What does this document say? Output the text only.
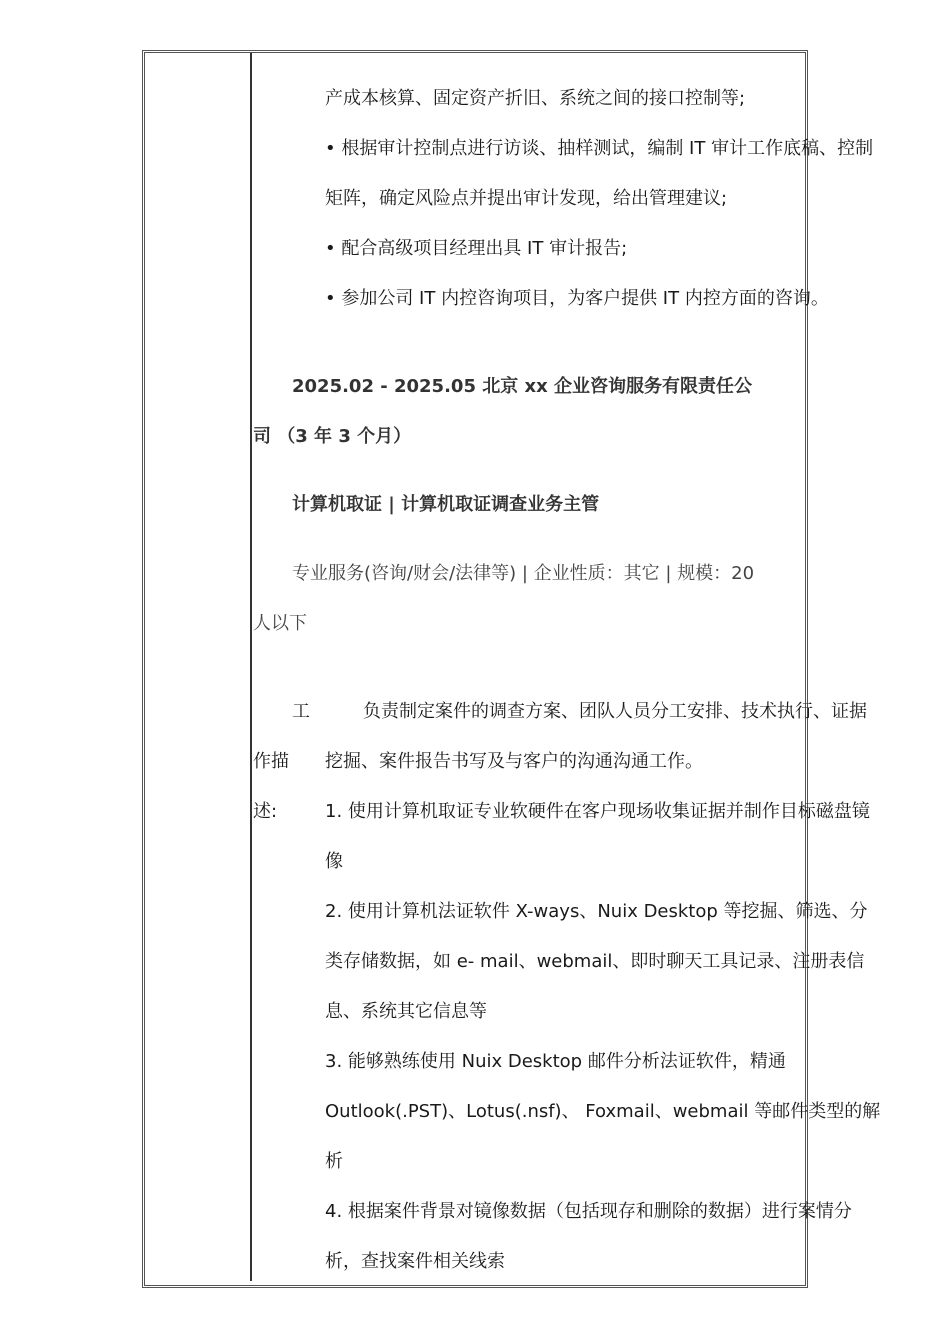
产成本核算、固定资产折旧、系统之间的接口控制等;
• 根据审计控制点进行访谈、抽样测试，编制 IT 审计工作底稿、控制
矩阵，确定风险点并提出审计发现，给出管理建议;
• 配合高级项目经理出具 IT 审计报告;
• 参加公司 IT 内控咨询项目，为客户提供 IT 内控方面的咨询。
2025.02 - 2025.05 北京 xx 企业咨询服务有限责任公
司 （3 年 3 个月）
计算机取证 | 计算机取证调查业务主管
专业服务(咨询/财会/法律等) | 企业性质：其它 | 规模：20
人以下
工
作描
述:
负责制定案件的调查方案、团队人员分工安排、技术执行、证据
挖掘、案件报告书写及与客户的沟通沟通工作。
1. 使用计算机取证专业软硬件在客户现场收集证据并制作目标磁盘镜
像
2. 使用计算机法证软件 X-ways、Nuix Desktop 等挖掘、筛选、分
类存储数据，如 e- mail、webmail、即时聊天工具记录、注册表信
息、系统其它信息等
3. 能够熟练使用 Nuix Desktop 邮件分析法证软件，精通
Outlook(.PST)、Lotus(.nsf)、 Foxmail、webmail 等邮件类型的解
析
4. 根据案件背景对镜像数据（包括现存和删除的数据）进行案情分
析，查找案件相关线索
